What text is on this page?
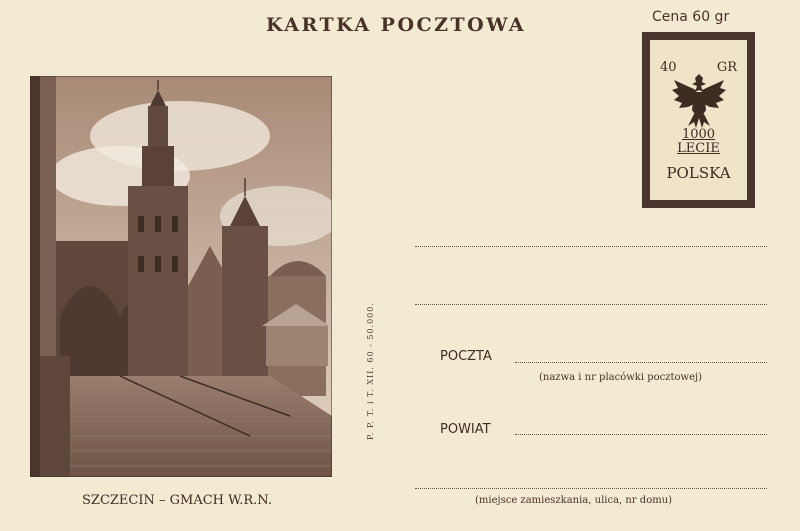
KARTKA POCZTOWA	Cena 60 gr
40	GR
1000
LECIE
POLSKA
SZCZECIN – GMACH W.R.N.
P. P. T. i T. XII. 60 - 50.000.	POCZTA
(nazwa i nr placówki pocztowej)
POWIAT
(miejsce zamieszkania, ulica, nr domu)
